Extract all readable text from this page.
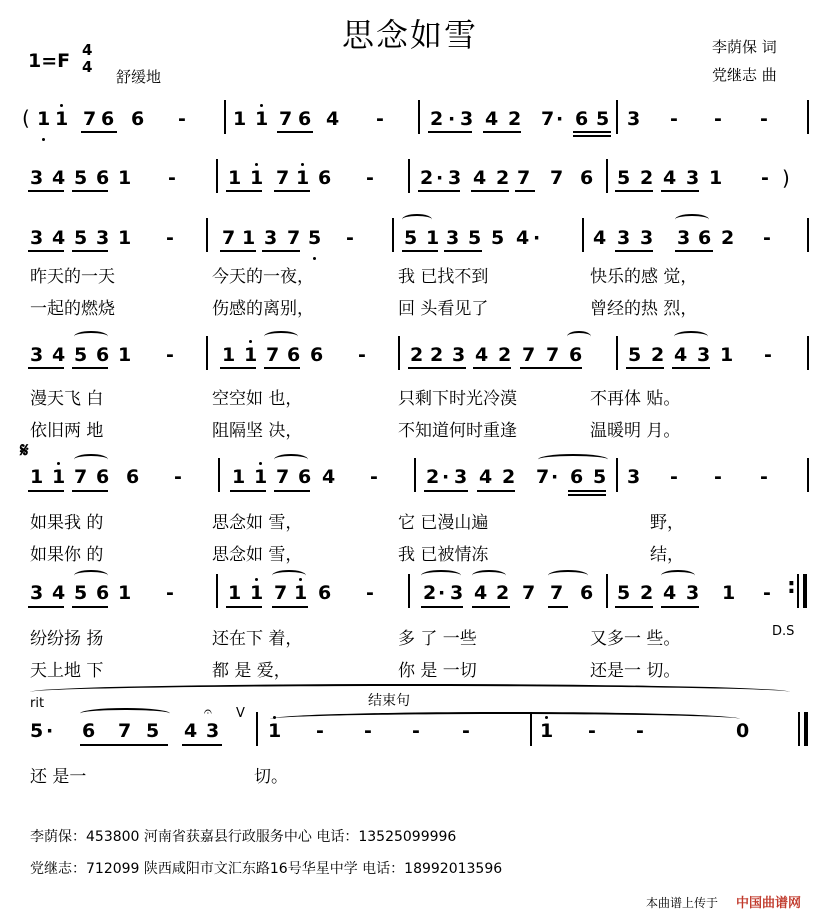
思念如雪	李荫保 词
党继志 曲
1=F 4
4
舒缓地
1 1 7 6 6 - 1 1 7 6 4 - 2 · 3 4 2 7 · 6 5 3 - - -
3 4 5 6 1 -	1 1 7 1 6 - 2 · 3 4 2 7 7 6 5 2 4 3 1 -
3 4 5 3 1 -	7 1 3 7 5 -	5 1 3 5 5 4 ·	4 3 3 3 6 2 -
3 4 5 6 1 -	1 1 7 6 6 - 2 2 3 4 2 7 7 6 5 2 4 3 1 -
1 1 7 6 6 -	1 1 7 6 4 -	2 · 3 4 2 7 · 6 5 3 - - -
3 4 5 6 1 -	1 1 7 1 6 -	2 · 3 4 2 7 7 6 5 2 4 3 1 -
5 · 6 7 5 4 3	1 - - - -	1 - -	0
(
)
𝄋
:
D.S
rit	结束句
V
𝄐
昨天的一天	今天的一夜，	我 已找不到	快乐的感 觉，
一起的燃烧	伤感的离别，	回 头看见了	曾经的热 烈，
漫天飞 白	空空如 也，	只剩下时光冷漠	不再体 贴。
依旧两 地	阻隔坚 决，	不知道何时重逢	温暖明 月。
如果我 的	思念如 雪，	它 已漫山遍	野，
如果你 的	思念如 雪，	我 已被情冻	结，
纷纷扬 扬	还在下 着，	多 了 一些	又多一 些。
天上地 下	都 是 爱，	你 是 一切	还是一 切。
还 是一	切。
李荫保：453800 河南省获嘉县行政服务中心 电话：13525099996
党继志：712099 陕西咸阳市文汇东路16号华星中学 电话：18992013596
本曲谱上传于 中国曲谱网
